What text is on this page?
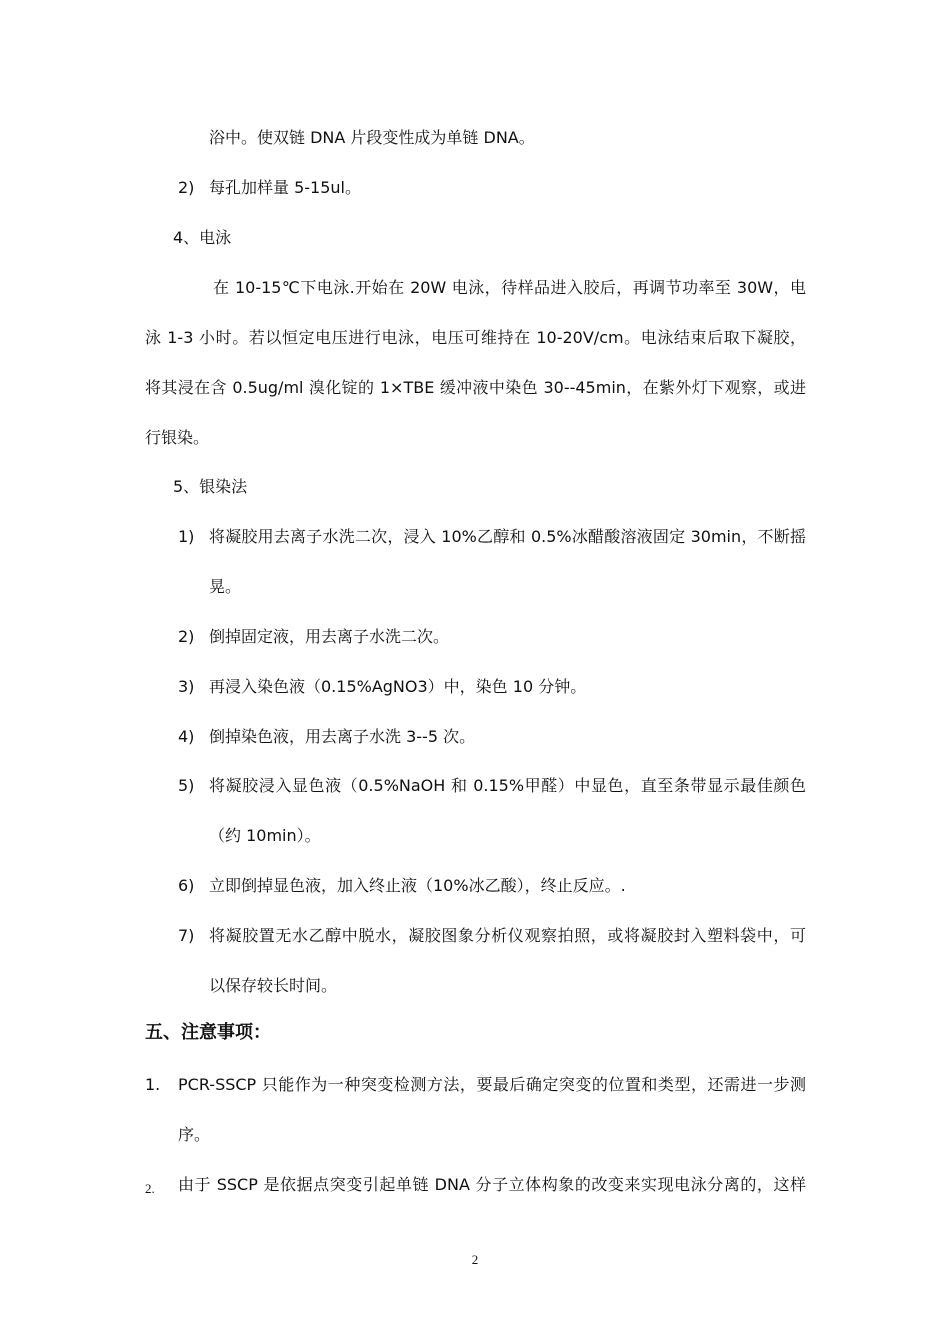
浴中。使双链 DNA 片段变性成为单链 DNA。
2) 每孔加样量 5-15ul。
4、电泳
在 10-15℃下电泳.开始在 20W 电泳，待样品进入胶后，再调节功率至 30W，电
泳 1-3 小时。若以恒定电压进行电泳，电压可维持在 10-20V/cm。电泳结束后取下凝胶，
将其浸在含 0.5ug/ml 溴化锭的 1×TBE 缓冲液中染色 30--45min，在紫外灯下观察，或进
行银染。
5、银染法
1) 将凝胶用去离子水洗二次，浸入 10%乙醇和 0.5%冰醋酸溶液固定 30min，不断摇
晃。
2) 倒掉固定液，用去离子水洗二次。
3) 再浸入染色液（0.15%AgNO3）中，染色 10 分钟。
4) 倒掉染色液，用去离子水洗 3--5 次。
5) 将凝胶浸入显色液（0.5%NaOH 和 0.15%甲醛）中显色，直至条带显示最佳颜色
（约 10min）。
6) 立即倒掉显色液，加入终止液（10%冰乙酸），终止反应。.
7) 将凝胶置无水乙醇中脱水，凝胶图象分析仪观察拍照，或将凝胶封入塑料袋中，可
以保存较长时间。
五、注意事项：
1. PCR-SSCP 只能作为一种突变检测方法，要最后确定突变的位置和类型，还需进一步测
序。
2. 由于 SSCP 是依据点突变引起单链 DNA 分子立体构象的改变来实现电泳分离的，这样
2
